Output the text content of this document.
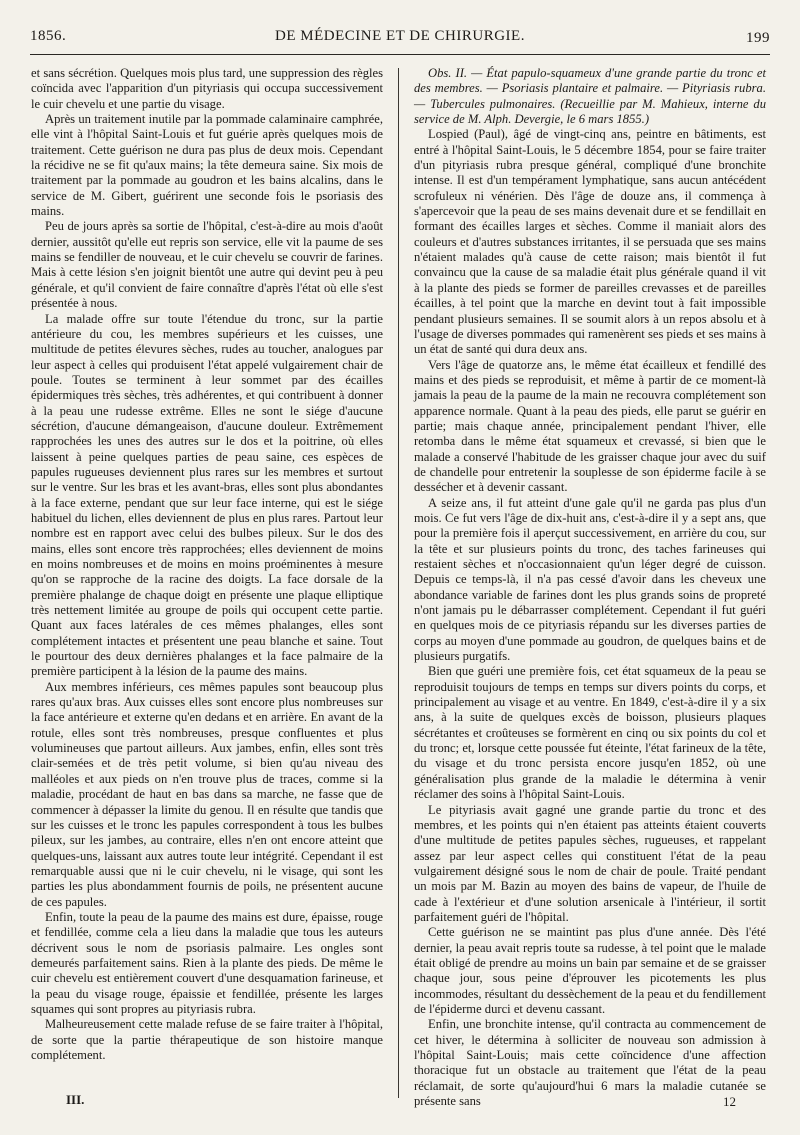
1856.	DE MÉDECINE ET DE CHIRURGIE.	199

et sans sécrétion. Quelques mois plus tard, une suppression des règles coïncida avec l'apparition d'un pityriasis qui occupa successivement le cuir chevelu et une partie du visage.

Après un traitement inutile par la pommade calaminaire camphrée, elle vint à l'hôpital Saint-Louis et fut guérie après quelques mois de traitement. Cette guérison ne dura pas plus de deux mois. Cependant la récidive ne se fit qu'aux mains; la tête demeura saine. Six mois de traitement par la pommade au goudron et les bains alcalins, dans le service de M. Gibert, guérirent une seconde fois le psoriasis des mains.

Peu de jours après sa sortie de l'hôpital, c'est-à-dire au mois d'août dernier, aussitôt qu'elle eut repris son service, elle vit la paume de ses mains se fendiller de nouveau, et le cuir chevelu se couvrir de farines. Mais à cette lésion s'en joignit bientôt une autre qui devint peu à peu générale, et qu'il convient de faire connaître d'après l'état où elle s'est présentée à nous.

La malade offre sur toute l'étendue du tronc, sur la partie antérieure du cou, les membres supérieurs et les cuisses, une multitude de petites élevures sèches, rudes au toucher, analogues par leur aspect à celles qui produisent l'état appelé vulgairement chair de poule. Toutes se terminent à leur sommet par des écailles épidermiques très sèches, très adhérentes, et qui contribuent à donner à la peau une rudesse extrême. Elles ne sont le siége d'aucune sécrétion, d'aucune démangeaison, d'aucune douleur. Extrêmement rapprochées les unes des autres sur le dos et la poitrine, où elles laissent à peine quelques parties de peau saine, ces espèces de papules rugueuses deviennent plus rares sur les membres et surtout sur le ventre. Sur les bras et les avant-bras, elles sont plus abondantes à la face externe, pendant que sur leur face interne, qui est le siége habituel du lichen, elles deviennent de plus en plus rares. Partout leur nombre est en rapport avec celui des bulbes pileux. Sur le dos des mains, elles sont encore très rapprochées; elles deviennent de moins en moins nombreuses et de moins en moins proéminentes à mesure qu'on se rapproche de la racine des doigts. La face dorsale de la première phalange de chaque doigt en présente une plaque elliptique très nettement limitée au groupe de poils qui occupent cette partie. Quant aux faces latérales de ces mêmes phalanges, elles sont complétement intactes et présentent une peau blanche et saine. Tout le pourtour des deux dernières phalanges et la face palmaire de la première participent à la lésion de la paume des mains.

Aux membres inférieurs, ces mêmes papules sont beaucoup plus rares qu'aux bras. Aux cuisses elles sont encore plus nombreuses sur la face antérieure et externe qu'en dedans et en arrière. En avant de la rotule, elles sont très nombreuses, presque confluentes et plus volumineuses que partout ailleurs. Aux jambes, enfin, elles sont très clair-semées et de très petit volume, si bien qu'au niveau des malléoles et aux pieds on n'en trouve plus de traces, comme si la maladie, procédant de haut en bas dans sa marche, ne fasse que de commencer à dépasser la limite du genou. Il en résulte que tandis que sur les cuisses et le tronc les papules correspondent à tous les bulbes pileux, sur les jambes, au contraire, elles n'en ont encore atteint que quelques-uns, laissant aux autres toute leur intégrité. Cependant il est remarquable aussi que ni le cuir chevelu, ni le visage, qui sont les parties les plus abondamment fournis de poils, ne présentent aucune de ces papules.

Enfin, toute la peau de la paume des mains est dure, épaisse, rouge et fendillée, comme cela a lieu dans la maladie que tous les auteurs décrivent sous le nom de psoriasis palmaire. Les ongles sont demeurés parfaitement sains. Rien à la plante des pieds. De même le cuir chevelu est entièrement couvert d'une desquamation farineuse, et la peau du visage rouge, épaissie et fendillée, présente les larges squames qui sont propres au pityriasis rubra.

Malheureusement cette malade refuse de se faire traiter à l'hôpital, de sorte que la partie thérapeutique de son histoire manque complétement.

Obs. II. — État papulo-squameux d'une grande partie du tronc et des membres. — Psoriasis plantaire et palmaire. — Pityriasis rubra. — Tubercules pulmonaires. (Recueillie par M. Mahieux, interne du service de M. Alph. Devergie, le 6 mars 1855.)

Lospied (Paul), âgé de vingt-cinq ans, peintre en bâtiments, est entré à l'hôpital Saint-Louis, le 5 décembre 1854, pour se faire traiter d'un pityriasis rubra presque général, compliqué d'une bronchite intense. Il est d'un tempérament lymphatique, sans aucun antécédent scrofuleux ni vénérien. Dès l'âge de douze ans, il commença à s'apercevoir que la peau de ses mains devenait dure et se fendillait en formant des écailles larges et sèches. Comme il maniait alors des couleurs et d'autres substances irritantes, il se persuada que ses mains n'étaient malades qu'à cause de cette raison; mais bientôt il fut convaincu que la cause de sa maladie était plus générale quand il vit à la plante des pieds se former de pareilles crevasses et de pareilles écailles, à tel point que la marche en devint tout à fait impossible pendant plusieurs semaines. Il se soumit alors à un repos absolu et à l'usage de diverses pommades qui ramenèrent ses pieds et ses mains à un état de santé qui dura deux ans.

Vers l'âge de quatorze ans, le même état écailleux et fendillé des mains et des pieds se reproduisit, et même à partir de ce moment-là jamais la peau de la paume de la main ne recouvra complétement son apparence normale. Quant à la peau des pieds, elle parut se guérir en partie; mais chaque année, principalement pendant l'hiver, elle retomba dans le même état squameux et crevassé, si bien que le malade a conservé l'habitude de les graisser chaque jour avec du suif de chandelle pour entretenir la souplesse de son épiderme facile à se dessécher et à devenir cassant.

A seize ans, il fut atteint d'une gale qu'il ne garda pas plus d'un mois. Ce fut vers l'âge de dix-huit ans, c'est-à-dire il y a sept ans, que pour la première fois il aperçut successivement, en arrière du cou, sur la tête et sur plusieurs points du tronc, des taches farineuses qui restaient sèches et n'occasionnaient qu'un léger degré de cuisson. Depuis ce temps-là, il n'a pas cessé d'avoir dans les cheveux une abondance variable de farines dont les plus grands soins de propreté n'ont jamais pu le débarrasser complétement. Cependant il fut guéri en quelques mois de ce pityriasis répandu sur les diverses parties de corps au moyen d'une pommade au goudron, de quelques bains et de plusieurs purgatifs.

Bien que guéri une première fois, cet état squameux de la peau se reproduisit toujours de temps en temps sur divers points du corps, et principalement au visage et au ventre. En 1849, c'est-à-dire il y a six ans, à la suite de quelques excès de boisson, plusieurs plaques sécrétantes et croûteuses se formèrent en cinq ou six points du col et du tronc; et, lorsque cette poussée fut éteinte, l'état farineux de la tête, du visage et du tronc persista encore jusqu'en 1852, où une généralisation plus grande de la maladie le détermina à venir réclamer des soins à l'hôpital Saint-Louis.

Le pityriasis avait gagné une grande partie du tronc et des membres, et les points qui n'en étaient pas atteints étaient couverts d'une multitude de petites papules sèches, rugueuses, et rappelant assez par leur aspect celles qui constituent l'état de la peau vulgairement désigné sous le nom de chair de poule. Traité pendant un mois par M. Bazin au moyen des bains de vapeur, de l'huile de cade à l'extérieur et d'une solution arsenicale à l'intérieur, il sortit parfaitement guéri de l'hôpital.

Cette guérison ne se maintint pas plus d'une année. Dès l'été dernier, la peau avait repris toute sa rudesse, à tel point que le malade était obligé de prendre au moins un bain par semaine et de se graisser chaque jour, sous peine d'éprouver les picotements les plus incommodes, résultant du dessèchement de la peau et du fendillement de l'épiderme durci et devenu cassant.

Enfin, une bronchite intense, qu'il contracta au commencement de cet hiver, le détermina à solliciter de nouveau son admission à l'hôpital Saint-Louis; mais cette coïncidence d'une affection thoracique fut un obstacle au traitement que l'état de la peau réclamait, de sorte qu'aujourd'hui 6 mars la maladie cutanée se présente sans

III.	12
